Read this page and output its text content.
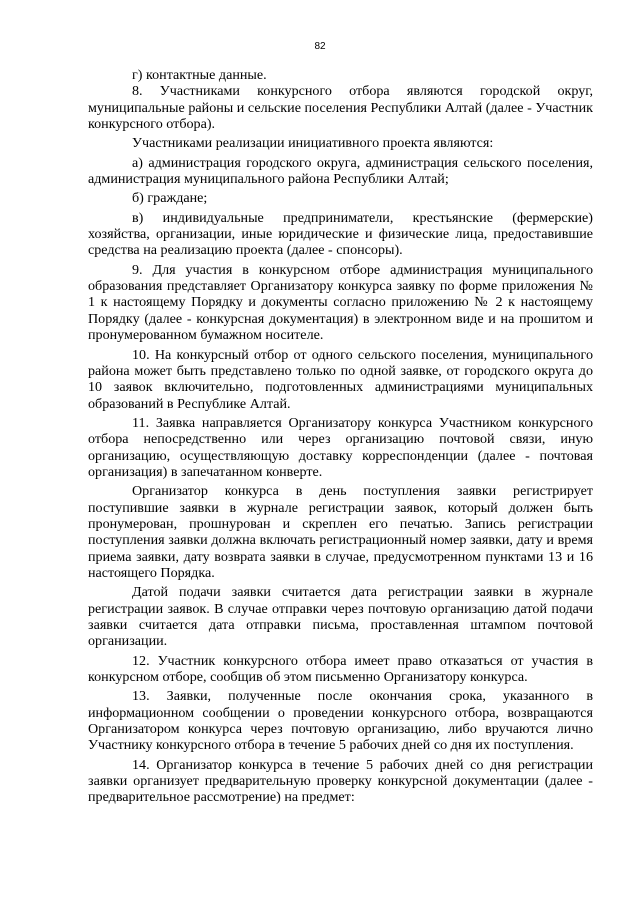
82

г) контактные данные.

8. Участниками конкурсного отбора являются городской округ, муниципальные районы и сельские поселения Республики Алтай (далее - Участник конкурсного отбора).

Участниками реализации инициативного проекта являются:

а) администрация городского округа, администрация сельского поселения, администрация муниципального района Республики Алтай;

б) граждане;

в) индивидуальные предприниматели, крестьянские (фермерские) хозяйства, организации, иные юридические и физические лица, предоставившие средства на реализацию проекта (далее - спонсоры).

9. Для участия в конкурсном отборе администрация муниципального образования представляет Организатору конкурса заявку по форме приложения № 1 к настоящему Порядку и документы согласно приложению № 2 к настоящему Порядку (далее - конкурсная документация) в электронном виде и на прошитом и пронумерованном бумажном носителе.

10. На конкурсный отбор от одного сельского поселения, муниципального района может быть представлено только по одной заявке, от городского округа до 10 заявок включительно, подготовленных администрациями муниципальных образований в Республике Алтай.

11. Заявка направляется Организатору конкурса Участником конкурсного отбора непосредственно или через организацию почтовой связи, иную организацию, осуществляющую доставку корреспонденции (далее - почтовая организация) в запечатанном конверте.

Организатор конкурса в день поступления заявки регистрирует поступившие заявки в журнале регистрации заявок, который должен быть пронумерован, прошнурован и скреплен его печатью. Запись регистрации поступления заявки должна включать регистрационный номер заявки, дату и время приема заявки, дату возврата заявки в случае, предусмотренном пунктами 13 и 16 настоящего Порядка.

Датой подачи заявки считается дата регистрации заявки в журнале регистрации заявок. В случае отправки через почтовую организацию датой подачи заявки считается дата отправки письма, проставленная штампом почтовой организации.

12. Участник конкурсного отбора имеет право отказаться от участия в конкурсном отборе, сообщив об этом письменно Организатору конкурса.

13. Заявки, полученные после окончания срока, указанного в информационном сообщении о проведении конкурсного отбора, возвращаются Организатором конкурса через почтовую организацию, либо вручаются лично Участнику конкурсного отбора в течение 5 рабочих дней со дня их поступления.

14. Организатор конкурса в течение 5 рабочих дней со дня регистрации заявки организует предварительную проверку конкурсной документации (далее - предварительное рассмотрение) на предмет:
